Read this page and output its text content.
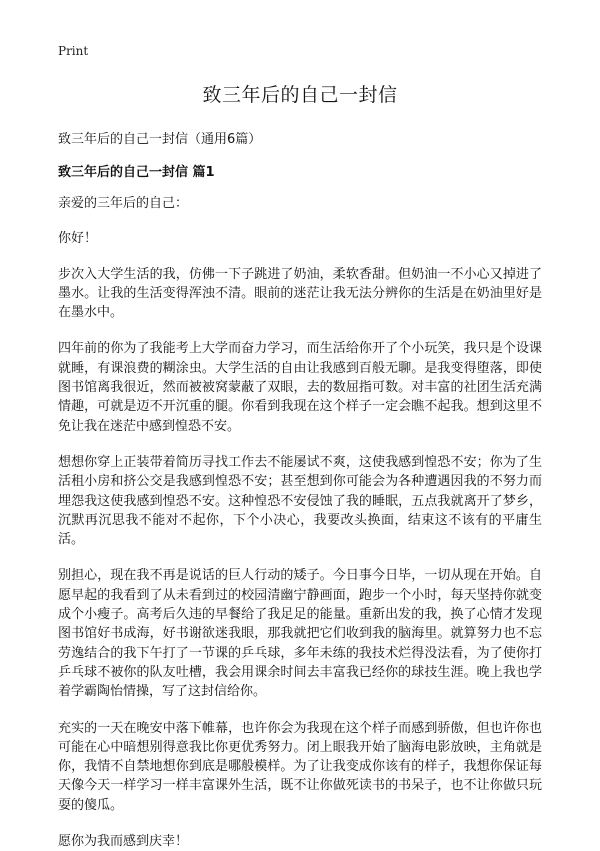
Print
致三年后的自己一封信

致三年后的自己一封信（通用6篇）

致三年后的自己一封信 篇1

亲爱的三年后的自己：

你好！

步次入大学生活的我，仿佛一下子跳进了奶油，柔软香甜。但奶油一不小心又掉进了墨水。让我的生活变得浑浊不清。眼前的迷茫让我无法分辨你的生活是在奶油里好是在墨水中。

四年前的你为了我能考上大学而奋力学习，而生活给你开了个小玩笑，我只是个设课就睡，有课浪费的糊涂虫。大学生活的自由让我感到百般无聊。是我变得堕落，即使图书馆离我很近，然而被被窝蒙蔽了双眼，去的数屈指可数。对丰富的社团生活充满情趣，可就是迈不开沉重的腿。你看到我现在这个样子一定会瞧不起我。想到这里不免让我在迷茫中感到惶恐不安。

想想你穿上正装带着简历寻找工作去不能屡试不爽，这使我感到惶恐不安；你为了生活租小房和挤公交是我感到惶恐不安；甚至想到你可能会为各种遭遇因我的不努力而埋怨我这使我感到惶恐不安。这种惶恐不安侵蚀了我的睡眠，五点我就离开了梦乡，沉默再沉思我不能对不起你，下个小决心，我要改头换面，结束这不该有的平庸生活。

别担心，现在我不再是说话的巨人行动的矮子。今日事今日毕，一切从现在开始。自愿早起的我看到了从未看到过的校园清幽宁静画面，跑步一个小时，每天坚持你就变成个小瘦子。高考后久违的早餐给了我足足的能量。重新出发的我，换了心情才发现图书馆好书成海，好书谢欲迷我眼，那我就把它们收到我的脑海里。就算努力也不忘劳逸结合的我下午打了一节课的乒乓球，多年未练的我技术烂得没法看，为了使你打乒乓球不被你的队友吐槽，我会用课余时间去丰富我已经你的球技生涯。晚上我也学着学霸陶怡情操，写了这封信给你。

充实的一天在晚安中落下帷幕，也许你会为我现在这个样子而感到骄傲，但也许你也可能在心中暗想别得意我比你更优秀努力。闭上眼我开始了脑海电影放映，主角就是你，我情不自禁地想你到底是哪般模样。为了让我变成你该有的样子，我想你保证每天像今天一样学习一样丰富课外生活，既不让你做死读书的书呆子，也不让你做只玩耍的傻瓜。

愿你为我而感到庆幸！
